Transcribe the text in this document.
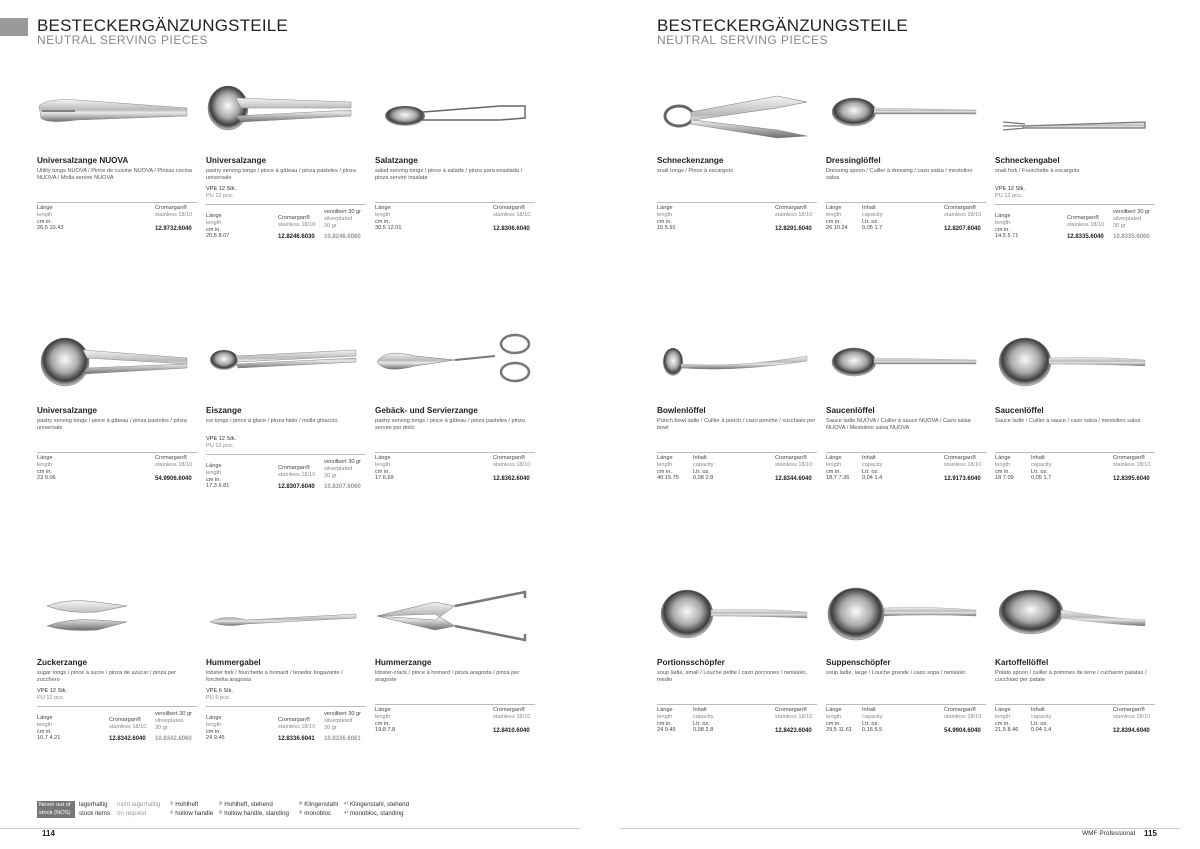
BESTECKERGÄNZUNGSTEILE
NEUTRAL SERVING PIECES
BESTECKERGÄNZUNGSTEILE
NEUTRAL SERVING PIECES
Universalzange NUOVA
Utility tongs NUOVA / Pince de cuisine NUOVA / Pinzas cocina NUOVA / Molla servire NUOVA
Länge
length
cm in.
26,5 10.43
Cromargan®
stainless 18/10
12.9732.6040
Universalzange
pastry serving tongs / pince à gâteau / pinza pasteles / pinza universale
VPE 12 Stk.
PU 12 pcs.
Länge
length
cm in.
20,5 8.07
Cromargan®
stainless 18/10
versilbert 30 gr
silverplated
30 gr
12.8246.6030 10.8246.6060
Salatzange
salad serving tongs / pince à salade / pinza para ensalada / pinza servire insalata
Länge
length
cm in.
30,5 12.01
Cromargan®
stainless 18/10
12.8306.6040
Schneckenzange
snail tongs / Pince à escargots
Länge
length
cm in.
15 5.91
Cromargan®
stainless 18/10
12.8291.6040
Dressinglöffel
Dressing spoon / Cuiller à dressing / cazo salsa / mestolino salsa
Länge
length
cm in.
26 10.24
Inhalt
capacity
Ltr. oz.
0,05 1.7
Cromargan®
stainless 18/10
12.8207.6040
Schneckengabel
snail fork / Fourchette à escargots
VPE 12 Stk.
PU 12 pcs.
Länge
length
cm in.
14,5 5.71
Cromargan®
stainless 18/10
versilbert 30 gr
silverplated
30 gr
12.8335.6040 10.8335.6060
Universalzange
pastry serving tongs / pince à gâteau / pinza pasteles / pinza universale
Länge
length
cm in.
23 9.06
Cromargan®
stainless 18/10
54.9906.6040
Eiszange
ice tongs / pince à glace / pinza hielo / molla ghiaccio
VPE 12 Stk.
PU 12 pcs.
Länge
length
cm in.
17,3 6.81
Cromargan®
stainless 18/10
versilbert 30 gr
silverplated
30 gr
12.8307.6040 10.8307.6060
Gebäck- und Servierzange
pastry serving tongs / pince à gâteau / pinza pasteles / pinza servire per dolci
Länge
length
cm in.
17 6.69
Cromargan®
stainless 18/10
12.8362.6040
Bowlenlöffel
Punch bowl ladle / Cuiller à punch / cazo ponche / cucchiaio per bowl
Länge
length
cm in.
40 15.75
Inhalt
capacity
Ltr. oz.
0,08 2.8
Cromargan®
stainless 18/10
12.8344.6040
Saucenlöffel
Sauce ladle NUOVA / Cuiller à sauce NUOVA / Cazo salsa NUOVA / Mestolino salsa NUOVA
Länge
length
cm in.
18,7 7.36
Inhalt
capacity
Ltr. oz.
0,04 1.4
Cromargan®
stainless 18/10
12.9173.6040
Saucenlöffel
Sauce ladle / Cuiller à sauce / cazo salsa / mestolino salsa
Länge
length
cm in.
18 7.09
Inhalt
capacity
Ltr. oz.
0,05 1.7
Cromargan®
stainless 18/10
12.8395.6040
Zuckerzange
sugar tongs / pince à sucre / pinza de azúcar / pinza per zucchero
VPE 12 Stk.
PU 12 pcs.
Länge
length
cm in.
10,7 4.21
Cromargan®
stainless 18/10
versilbert 30 gr
silverplated
30 gr
12.8342.6040 10.8342.6060
Hummergabel
lobster fork / fourchette à homard / tenedor bogavante / forchetta aragosta
VPE 6 Stk.
PU 6 pcs.
Länge
length
cm in.
24 9.45
Cromargan®
stainless 18/10
versilbert 30 gr
silverplated
30 gr
12.8336.6041 10.8336.6061
Hummerzange
lobster-crack / pince à homard / pinza aragosta / pinza per aragoste
Länge
length
cm in.
19,8 7.8
Cromargan®
stainless 18/10
12.8410.6040
Portionsschöpfer
soup ladle, small / Louche petite / cazo porciones / ramaiolo, medio
Länge
length
cm in.
24 9.45
Inhalt
capacity
Ltr. oz.
0,08 2.8
Cromargan®
stainless 18/10
12.8423.6040
Suppenschöpfer
soup ladle, large / Louche grande / cazo sopa / ramaiolo
Länge
length
cm in.
29,5 11.61
Inhalt
capacity
Ltr. oz.
0,16 5.5
Cromargan®
stainless 18/10
54.9904.6040
Kartoffellöffel
Potato spoon / cuiller à pommes de terre / cucharon patatas / cucchiaio per patate
Länge
length
cm in.
21,5 8.46
Inhalt
capacity
Ltr. oz.
0,04 1.4
Cromargan®
stainless 18/10
12.8394.6040
Never out of
stock (NOS)
lagerhaltig
stock items
nicht lagerhaltig
on request
¹⁾ Hohlheft
¹⁾ hollow handle
²⁾ Hohlheft, stehend
²⁾ hollow handle, standing
³⁾ Klingenstahl
³⁾ monobloc
⁴⁾ Klingenstahl, stehend
⁴⁾ monobloc, standing
114	WMF Professional 115
